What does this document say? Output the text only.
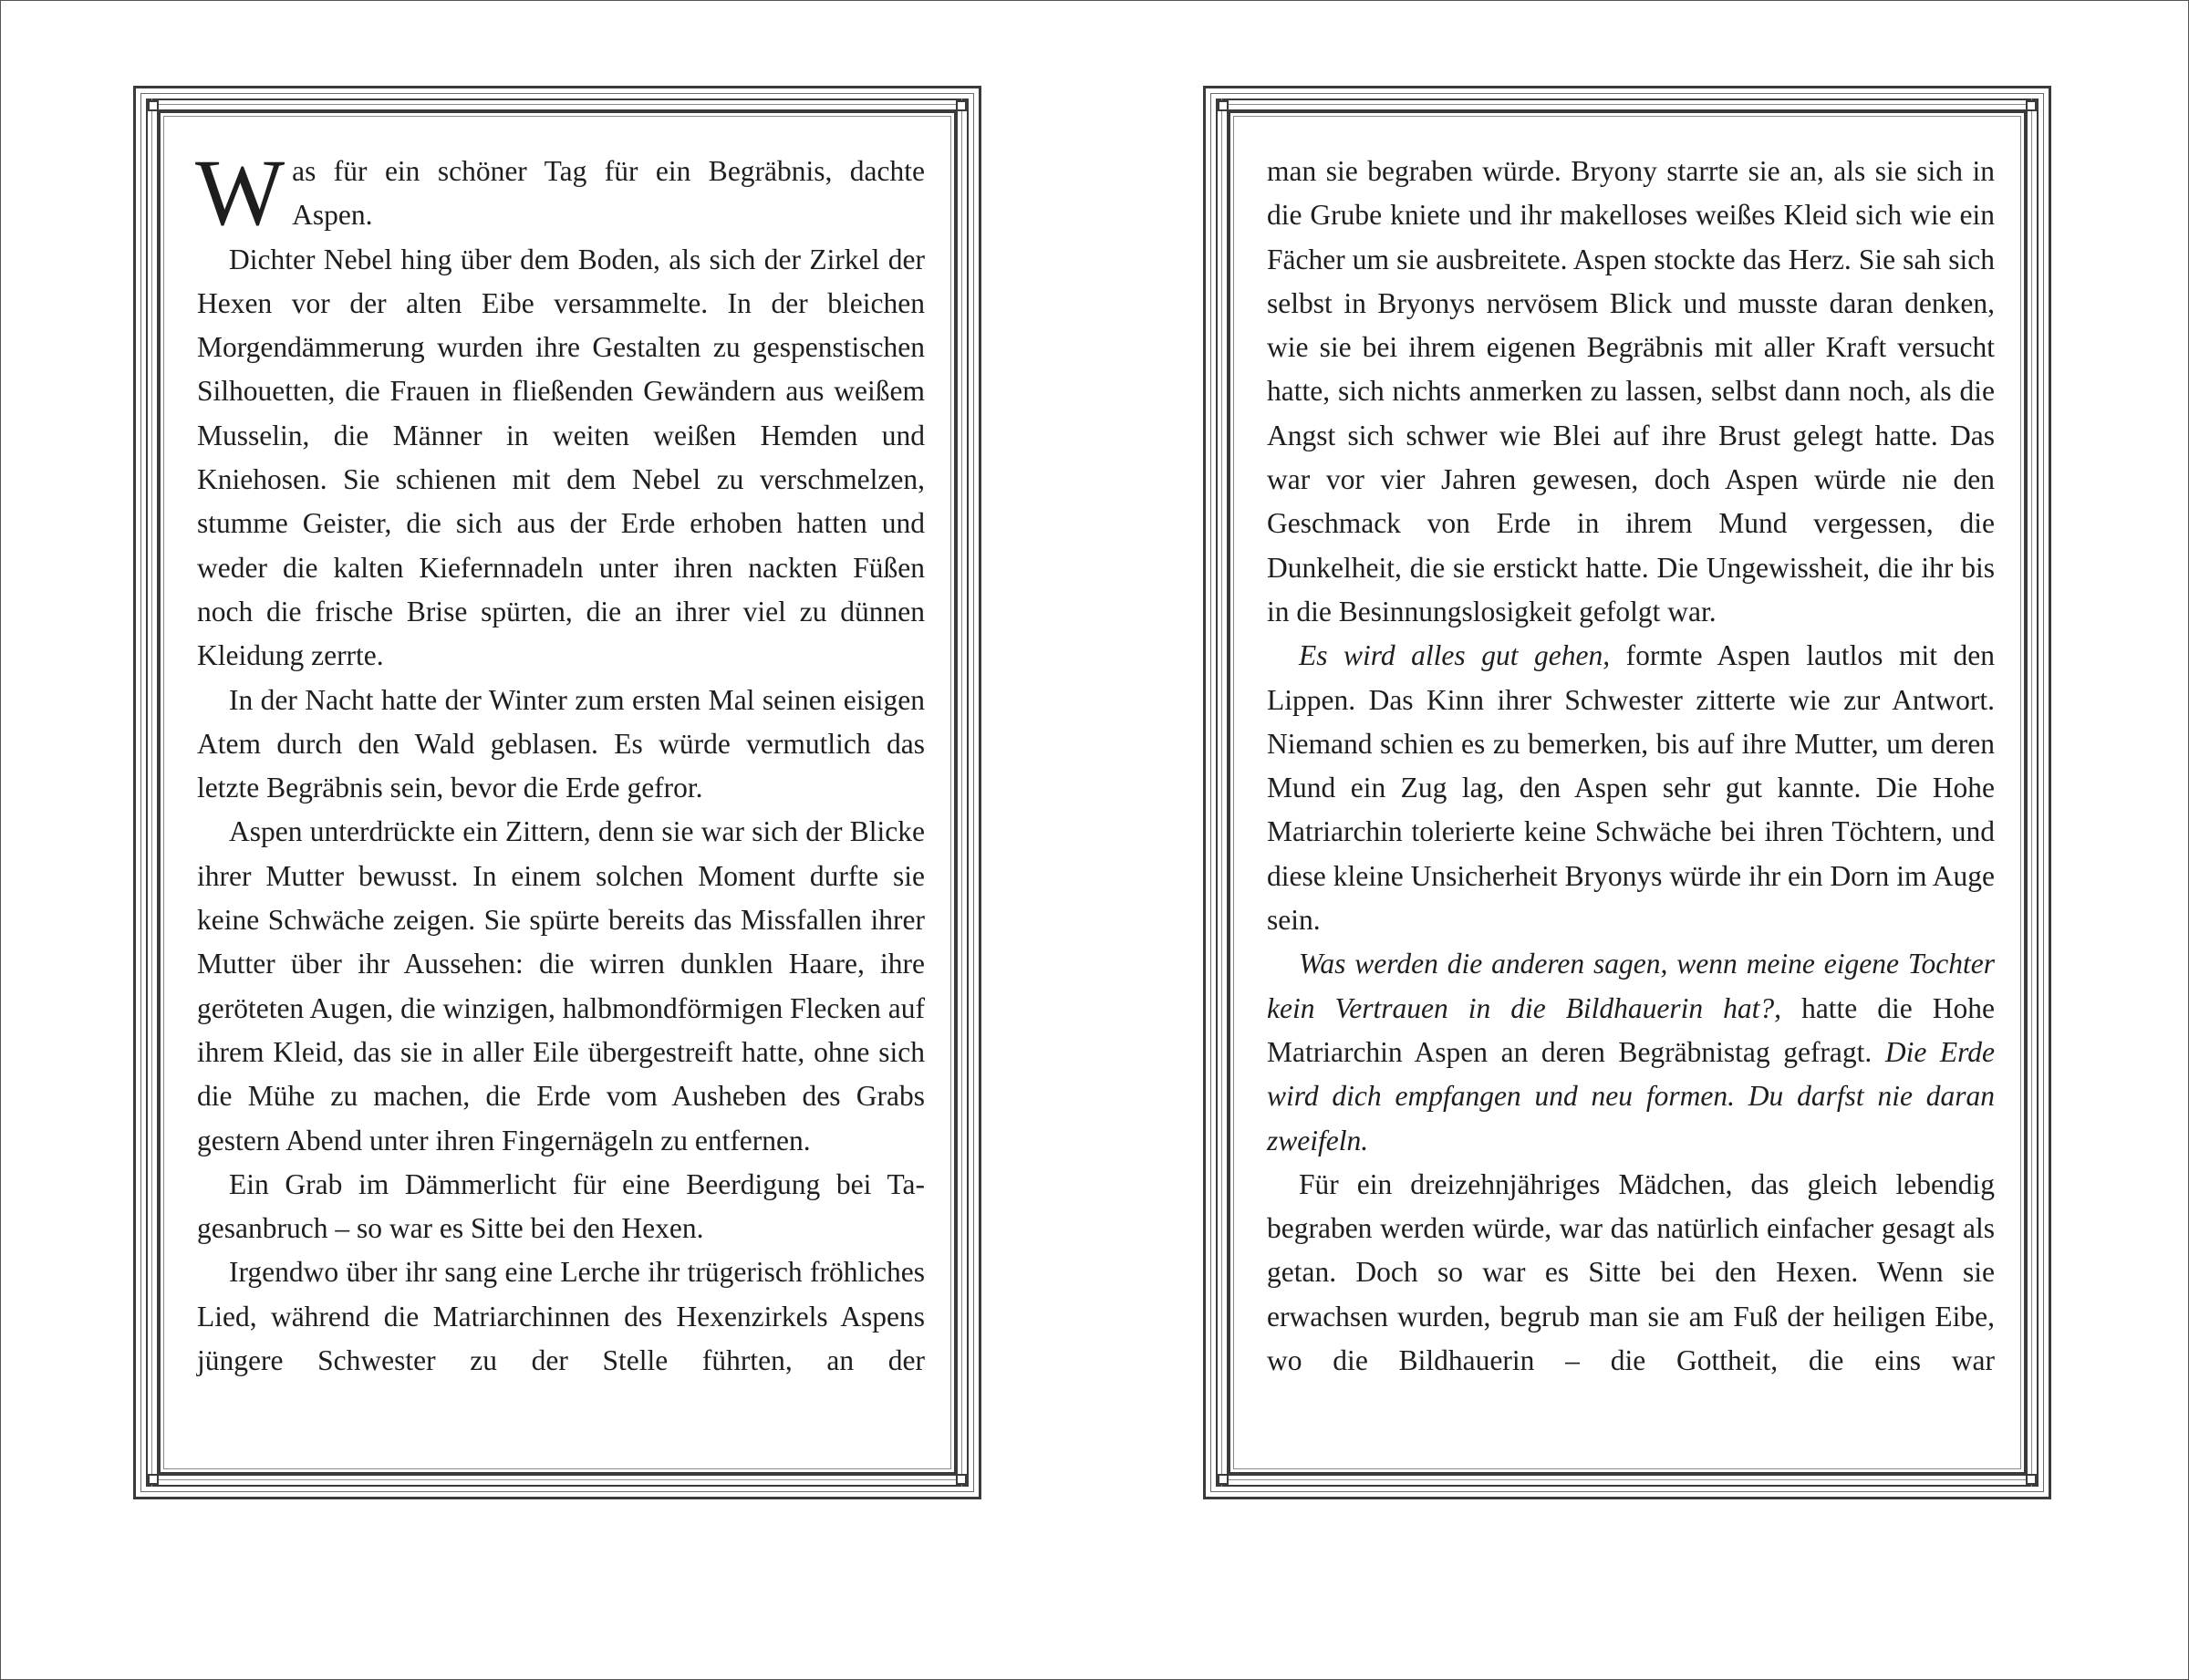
Was für ein schöner Tag für ein Begräbnis, dachte Aspen.

Dichter Nebel hing über dem Boden, als sich der Zirkel der Hexen vor der alten Eibe versammelte. In der bleichen Morgendämmerung wurden ihre Gestalten zu gespenstischen Silhouetten, die Frauen in fließenden Gewändern aus weißem Musselin, die Männer in weiten weißen Hemden und Kniehosen. Sie schienen mit dem Nebel zu verschmelzen, stumme Geister, die sich aus der Erde erhoben hatten und weder die kalten Kiefernnadeln unter ihren nackten Füßen noch die frische Brise spürten, die an ihrer viel zu dünnen Kleidung zerrte.

In der Nacht hatte der Winter zum ersten Mal seinen eisigen Atem durch den Wald geblasen. Es würde vermutlich das letzte Begräbnis sein, bevor die Erde gefror.

Aspen unterdrückte ein Zittern, denn sie war sich der Blicke ihrer Mutter bewusst. In einem solchen Moment durfte sie keine Schwäche zeigen. Sie spürte bereits das Missfallen ihrer Mutter über ihr Aussehen: die wirren dunklen Haare, ihre geröteten Augen, die winzigen, halbmondförmigen Flecken auf ihrem Kleid, das sie in aller Eile übergestreift hatte, ohne sich die Mühe zu machen, die Erde vom Ausheben des Grabs gestern Abend unter ihren Fingernägeln zu entfernen.

Ein Grab im Dämmerlicht für eine Beerdigung bei Tagesanbruch – so war es Sitte bei den Hexen.

Irgendwo über ihr sang eine Lerche ihr trügerisch fröhliches Lied, während die Matriarchinnen des Hexenzirkels Aspens jüngere Schwester zu der Stelle führten, an der

man sie begraben würde. Bryony starrte sie an, als sie sich in die Grube kniete und ihr makelloses weißes Kleid sich wie ein Fächer um sie ausbreitete. Aspen stockte das Herz. Sie sah sich selbst in Bryonys nervösem Blick und musste daran denken, wie sie bei ihrem eigenen Begräbnis mit aller Kraft versucht hatte, sich nichts anmerken zu lassen, selbst dann noch, als die Angst sich schwer wie Blei auf ihre Brust gelegt hatte. Das war vor vier Jahren gewesen, doch Aspen würde nie den Geschmack von Erde in ihrem Mund vergessen, die Dunkelheit, die sie erstickt hatte. Die Ungewissheit, die ihr bis in die Besinnungslosigkeit gefolgt war.

Es wird alles gut gehen, formte Aspen lautlos mit den Lippen. Das Kinn ihrer Schwester zitterte wie zur Antwort. Niemand schien es zu bemerken, bis auf ihre Mutter, um deren Mund ein Zug lag, den Aspen sehr gut kannte. Die Hohe Matriarchin tolerierte keine Schwäche bei ihren Töchtern, und diese kleine Unsicherheit Bryonys würde ihr ein Dorn im Auge sein.

Was werden die anderen sagen, wenn meine eigene Tochter kein Vertrauen in die Bildhauerin hat?, hatte die Hohe Matriarchin Aspen an deren Begräbnistag gefragt. Die Erde wird dich empfangen und neu formen. Du darfst nie daran zweifeln.

Für ein dreizehnjähriges Mädchen, das gleich lebendig begraben werden würde, war das natürlich einfacher gesagt als getan. Doch so war es Sitte bei den Hexen. Wenn sie erwachsen wurden, begrub man sie am Fuß der heiligen Eibe, wo die Bildhauerin – die Gottheit, die eins war
